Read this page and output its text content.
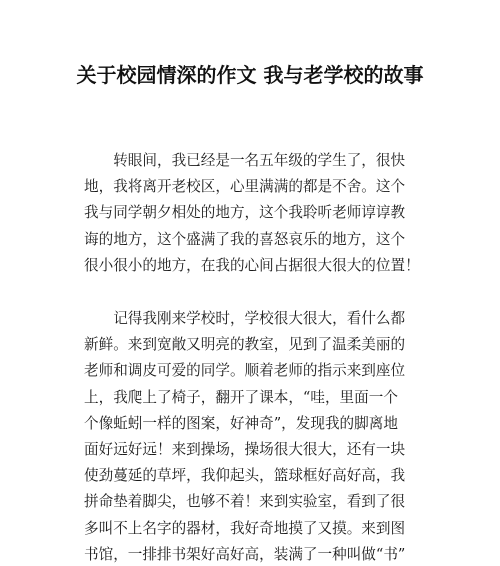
关于校园情深的作文 我与老学校的故事
转眼间，我已经是一名五年级的学生了，很快
地，我将离开老校区，心里满满的都是不舍。这个
我与同学朝夕相处的地方，这个我聆听老师谆谆教
诲的地方，这个盛满了我的喜怒哀乐的地方，这个
很小很小的地方，在我的心间占据很大很大的位置！
记得我刚来学校时，学校很大很大，看什么都
新鲜。来到宽敞又明亮的教室，见到了温柔美丽的
老师和调皮可爱的同学。顺着老师的指示来到座位
上，我爬上了椅子，翻开了课本，“哇，里面一个
个像蚯蚓一样的图案，好神奇”，发现我的脚离地
面好远好远！来到操场，操场很大很大，还有一块
使劲蔓延的草坪，我仰起头，篮球框好高好高，我
拼命垫着脚尖，也够不着！来到实验室，看到了很
多叫不上名字的器材，我好奇地摸了又摸。来到图
书馆，一排排书架好高好高，装满了一种叫做“书”
